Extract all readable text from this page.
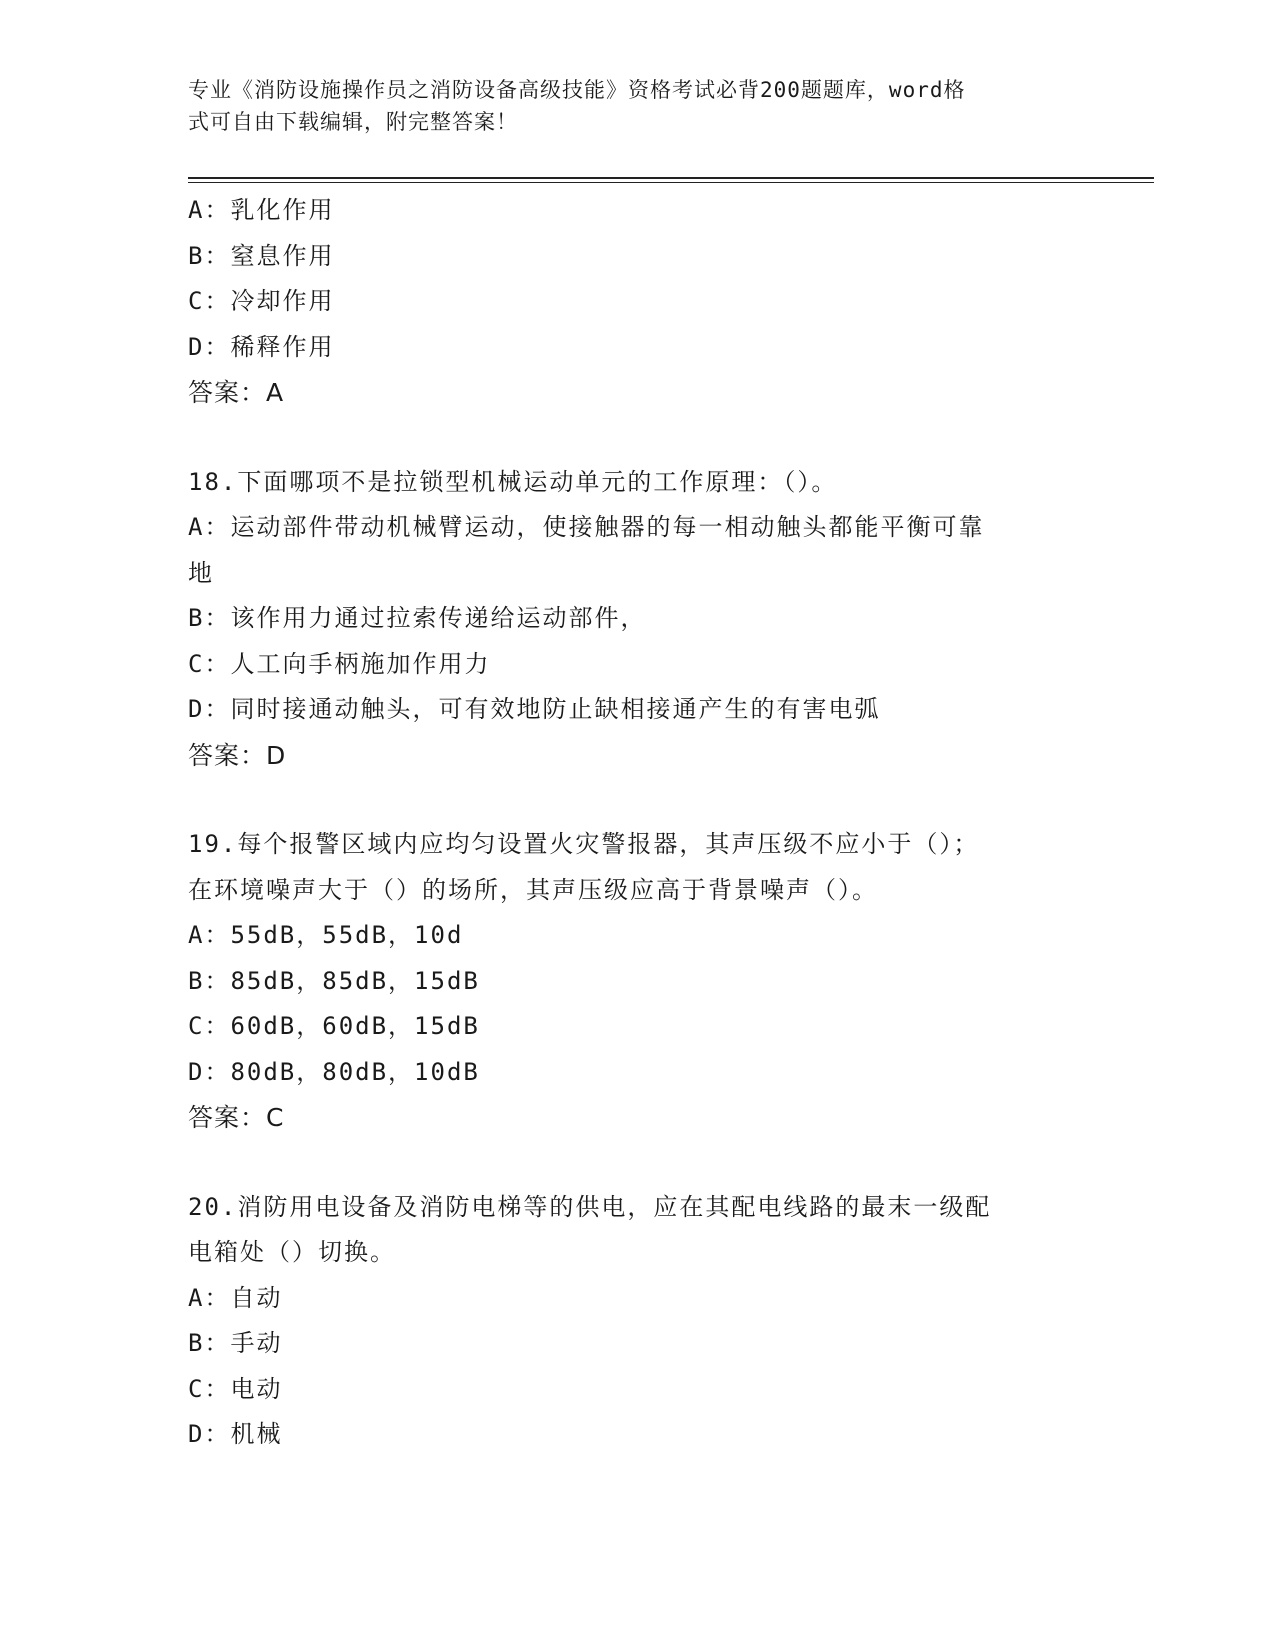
专业《消防设施操作员之消防设备高级技能》资格考试必背200题题库，word格
式可自由下载编辑，附完整答案！
A：乳化作用
B：窒息作用
C：冷却作用
D：稀释作用
答案：A
18.下面哪项不是拉锁型机械运动单元的工作原理：（）。
A：运动部件带动机械臂运动，使接触器的每一相动触头都能平衡可靠
地
B：该作用力通过拉索传递给运动部件，
C：人工向手柄施加作用力
D：同时接通动触头，可有效地防止缺相接通产生的有害电弧
答案：D
19.每个报警区域内应均匀设置火灾警报器，其声压级不应小于（）；
在环境噪声大于（）的场所，其声压级应高于背景噪声（）。
A：55dB，55dB，10d
B：85dB，85dB，15dB
C：60dB，60dB，15dB
D：80dB，80dB，10dB
答案：C
20.消防用电设备及消防电梯等的供电，应在其配电线路的最末一级配
电箱处（）切换。
A：自动
B：手动
C：电动
D：机械
